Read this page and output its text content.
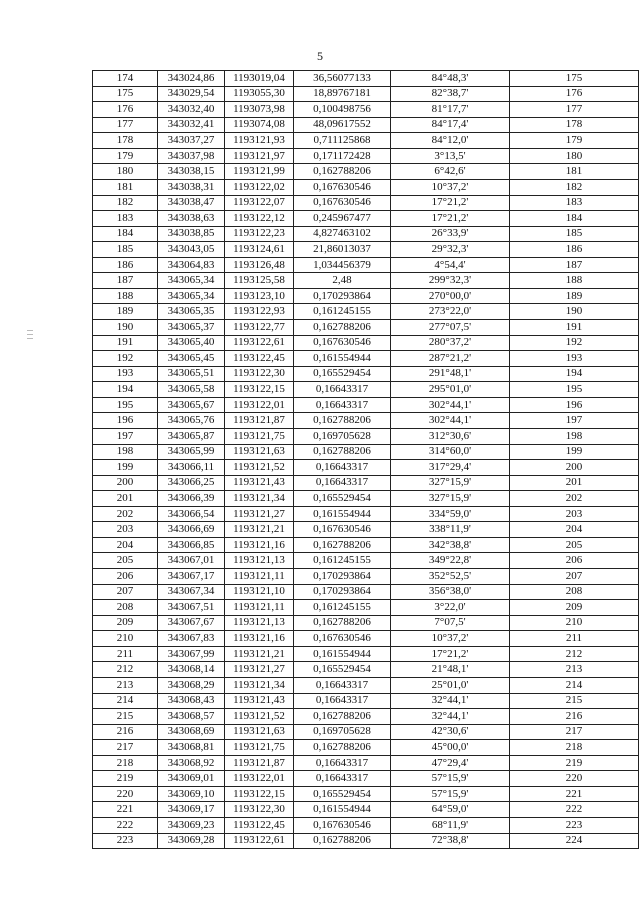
5
174	343024,86	1193019,04	36,56077133	84°48,3'	175
175	343029,54	1193055,30	18,89767181	82°38,7'	176
176	343032,40	1193073,98	0,100498756	81°17,7'	177
177	343032,41	1193074,08	48,09617552	84°17,4'	178
178	343037,27	1193121,93	0,711125868	84°12,0'	179
179	343037,98	1193121,97	0,171172428	3°13,5'	180
180	343038,15	1193121,99	0,162788206	6°42,6'	181
181	343038,31	1193122,02	0,167630546	10°37,2'	182
182	343038,47	1193122,07	0,167630546	17°21,2'	183
183	343038,63	1193122,12	0,245967477	17°21,2'	184
184	343038,85	1193122,23	4,827463102	26°33,9'	185
185	343043,05	1193124,61	21,86013037	29°32,3'	186
186	343064,83	1193126,48	1,034456379	4°54,4'	187
187	343065,34	1193125,58	2,48	299°32,3'	188
188	343065,34	1193123,10	0,170293864	270°00,0'	189
189	343065,35	1193122,93	0,161245155	273°22,0'	190
190	343065,37	1193122,77	0,162788206	277°07,5'	191
191	343065,40	1193122,61	0,167630546	280°37,2'	192
192	343065,45	1193122,45	0,161554944	287°21,2'	193
193	343065,51	1193122,30	0,165529454	291°48,1'	194
194	343065,58	1193122,15	0,16643317	295°01,0'	195
195	343065,67	1193122,01	0,16643317	302°44,1'	196
196	343065,76	1193121,87	0,162788206	302°44,1'	197
197	343065,87	1193121,75	0,169705628	312°30,6'	198
198	343065,99	1193121,63	0,162788206	314°60,0'	199
199	343066,11	1193121,52	0,16643317	317°29,4'	200
200	343066,25	1193121,43	0,16643317	327°15,9'	201
201	343066,39	1193121,34	0,165529454	327°15,9'	202
202	343066,54	1193121,27	0,161554944	334°59,0'	203
203	343066,69	1193121,21	0,167630546	338°11,9'	204
204	343066,85	1193121,16	0,162788206	342°38,8'	205
205	343067,01	1193121,13	0,161245155	349°22,8'	206
206	343067,17	1193121,11	0,170293864	352°52,5'	207
207	343067,34	1193121,10	0,170293864	356°38,0'	208
208	343067,51	1193121,11	0,161245155	3°22,0'	209
209	343067,67	1193121,13	0,162788206	7°07,5'	210
210	343067,83	1193121,16	0,167630546	10°37,2'	211
211	343067,99	1193121,21	0,161554944	17°21,2'	212
212	343068,14	1193121,27	0,165529454	21°48,1'	213
213	343068,29	1193121,34	0,16643317	25°01,0'	214
214	343068,43	1193121,43	0,16643317	32°44,1'	215
215	343068,57	1193121,52	0,162788206	32°44,1'	216
216	343068,69	1193121,63	0,169705628	42°30,6'	217
217	343068,81	1193121,75	0,162788206	45°00,0'	218
218	343068,92	1193121,87	0,16643317	47°29,4'	219
219	343069,01	1193122,01	0,16643317	57°15,9'	220
220	343069,10	1193122,15	0,165529454	57°15,9'	221
221	343069,17	1193122,30	0,161554944	64°59,0'	222
222	343069,23	1193122,45	0,167630546	68°11,9'	223
223	343069,28	1193122,61	0,162788206	72°38,8'	224
